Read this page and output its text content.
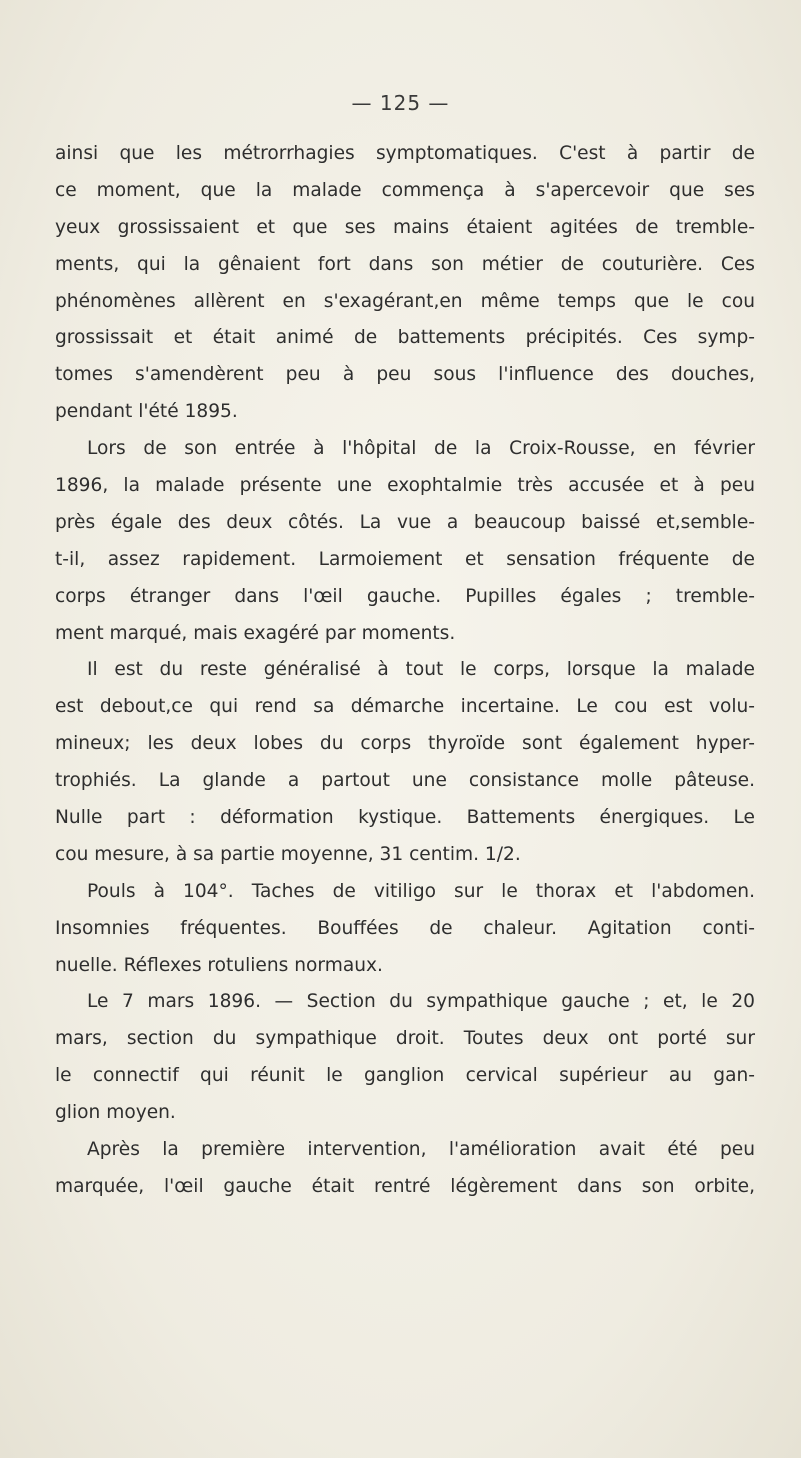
— 125 —
ainsi que les métrorrhagies symptomatiques. C'est à partir de
ce moment, que la malade commença à s'apercevoir que ses
yeux grossissaient et que ses mains étaient agitées de tremble-
ments, qui la gênaient fort dans son métier de couturière. Ces
phénomènes allèrent en s'exagérant,en même temps que le cou
grossissait et était animé de battements précipités. Ces symp-
tomes s'amendèrent peu à peu sous l'influence des douches,
pendant l'été 1895.
Lors de son entrée à l'hôpital de la Croix-Rousse, en février
1896, la malade présente une exophtalmie très accusée et à peu
près égale des deux côtés. La vue a beaucoup baissé et,semble-
t-il, assez rapidement. Larmoiement et sensation fréquente de
corps étranger dans l'œil gauche. Pupilles égales ; tremble-
ment marqué, mais exagéré par moments.
Il est du reste généralisé à tout le corps, lorsque la malade
est debout,ce qui rend sa démarche incertaine. Le cou est volu-
mineux; les deux lobes du corps thyroïde sont également hyper-
trophiés. La glande a partout une consistance molle pâteuse.
Nulle part : déformation kystique. Battements énergiques. Le
cou mesure, à sa partie moyenne, 31 centim. 1/2.
Pouls à 104°. Taches de vitiligo sur le thorax et l'abdomen.
Insomnies fréquentes. Bouffées de chaleur. Agitation conti-
nuelle. Réflexes rotuliens normaux.
Le 7 mars 1896. — Section du sympathique gauche ; et, le 20
mars, section du sympathique droit. Toutes deux ont porté sur
le connectif qui réunit le ganglion cervical supérieur au gan-
glion moyen.
Après la première intervention, l'amélioration avait été peu
marquée, l'œil gauche était rentré légèrement dans son orbite,
